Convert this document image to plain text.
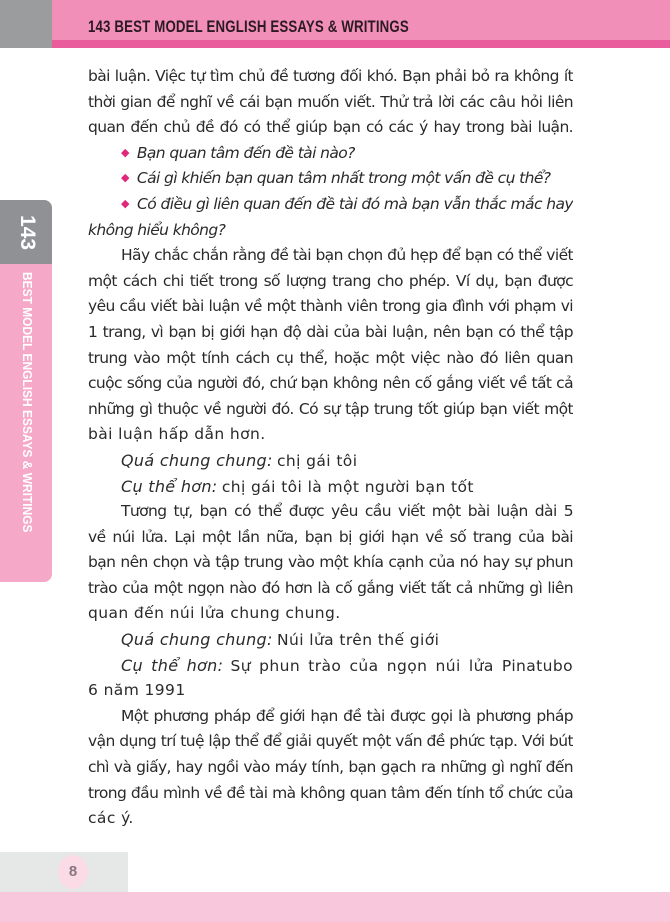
143 BEST MODEL ENGLISH ESSAYS & WRITINGS
143
BEST MODEL ENGLISH ESSAYS & WRITINGS
bài luận. Việc tự tìm chủ đề tương đối khó. Bạn phải bỏ ra không ít
thời gian để nghĩ về cái bạn muốn viết. Thử trả lời các câu hỏi liên
quan đến chủ đề đó có thể giúp bạn có các ý hay trong bài luận.
◆ Bạn quan tâm đến đề tài nào?
◆ Cái gì khiến bạn quan tâm nhất trong một vấn đề cụ thể?
◆ Có điều gì liên quan đến đề tài đó mà bạn vẫn thắc mắc hay
không hiểu không?
Hãy chắc chắn rằng đề tài bạn chọn đủ hẹp để bạn có thể viết
một cách chi tiết trong số lượng trang cho phép. Ví dụ, bạn được
yêu cầu viết bài luận về một thành viên trong gia đình với phạm vi
1 trang, vì bạn bị giới hạn độ dài của bài luận, nên bạn có thể tập
trung vào một tính cách cụ thể, hoặc một việc nào đó liên quan
cuộc sống của người đó, chứ bạn không nên cố gắng viết về tất cả
những gì thuộc về người đó. Có sự tập trung tốt giúp bạn viết một
bài luận hấp dẫn hơn.
Quá chung chung: chị gái tôi
Cụ thể hơn: chị gái tôi là một người bạn tốt
Tương tự, bạn có thể được yêu cầu viết một bài luận dài 5
về núi lửa. Lại một lần nữa, bạn bị giới hạn về số trang của bài
bạn nên chọn và tập trung vào một khía cạnh của nó hay sự phun
trào của một ngọn nào đó hơn là cố gắng viết tất cả những gì liên
quan đến núi lửa chung chung.
Quá chung chung: Núi lửa trên thế giới
Cụ thể hơn: Sự phun trào của ngọn núi lửa Pinatubo
6 năm 1991
Một phương pháp để giới hạn đề tài được gọi là phương pháp
vận dụng trí tuệ lập thể để giải quyết một vấn đề phức tạp. Với bút
chì và giấy, hay ngồi vào máy tính, bạn gạch ra những gì nghĩ đến
trong đầu mình về đề tài mà không quan tâm đến tính tổ chức của
các ý.
8
